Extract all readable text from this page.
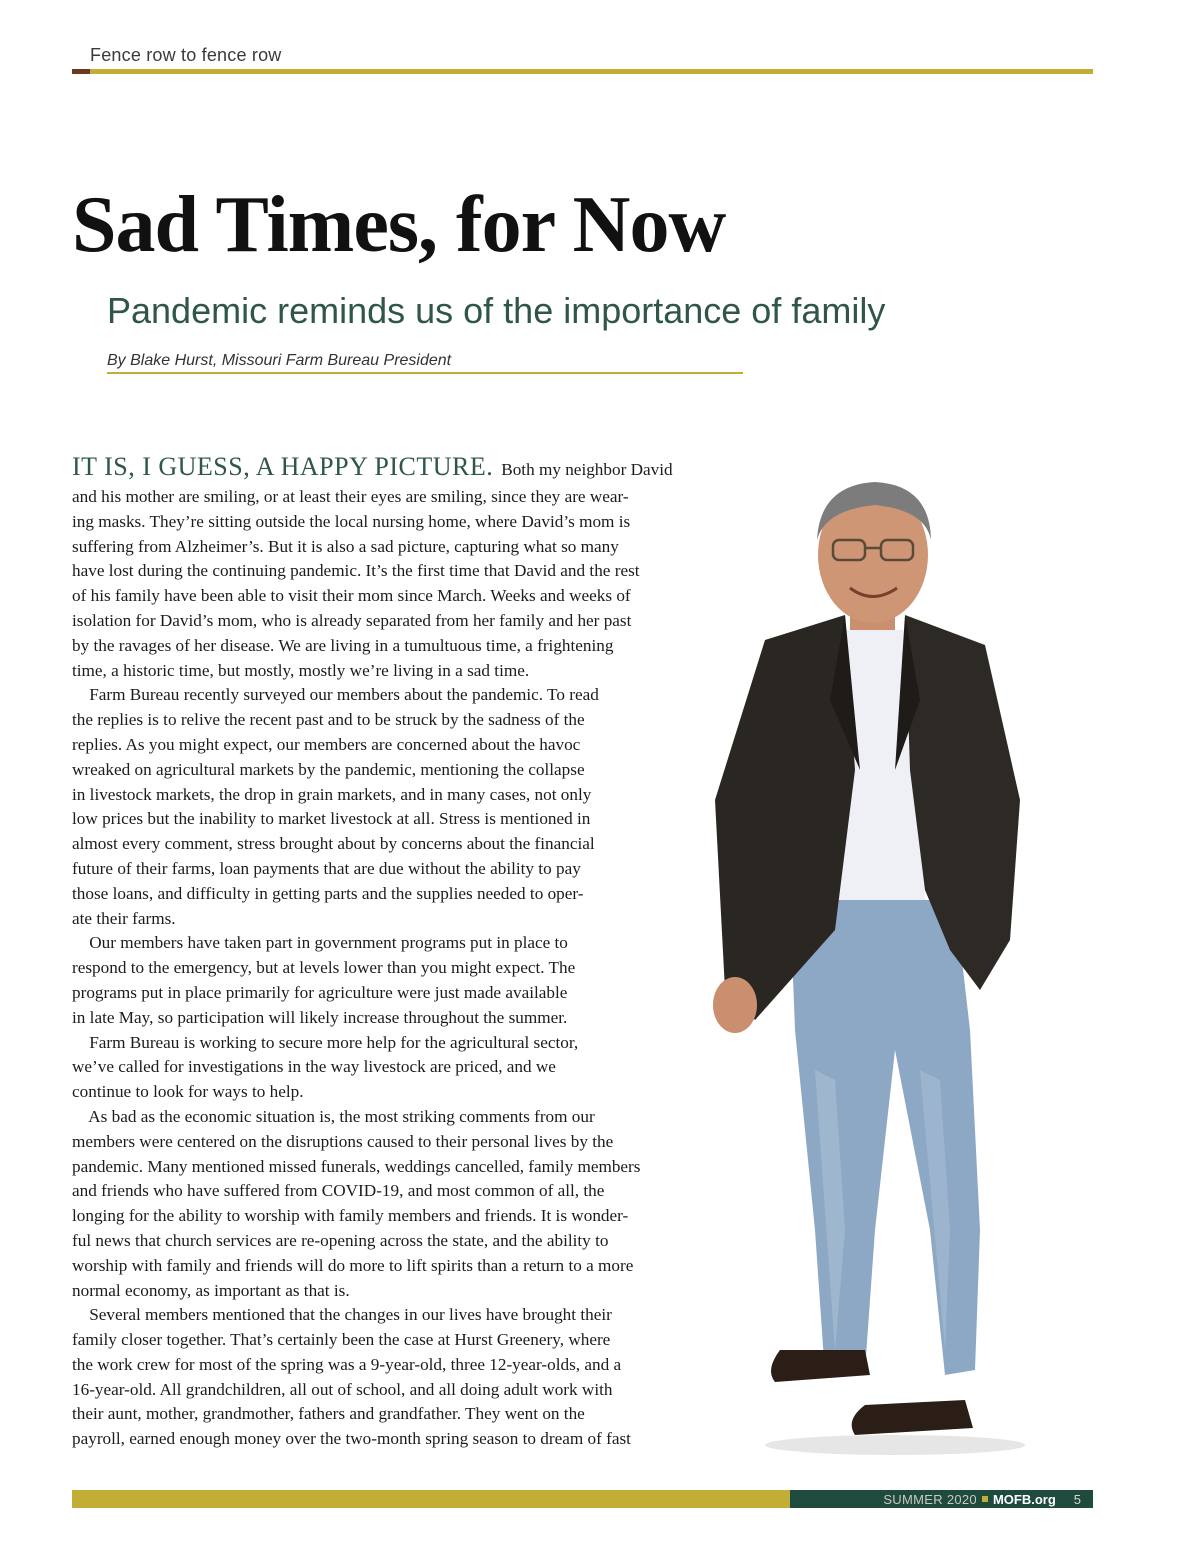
Fence row to fence row
Sad Times, for Now
Pandemic reminds us of the importance of family
By Blake Hurst, Missouri Farm Bureau President
IT IS, I GUESS, A HAPPY PICTURE. Both my neighbor David
and his mother are smiling, or at least their eyes are smiling, since they are wear-
ing masks. They’re sitting outside the local nursing home, where David’s mom is
suffering from Alzheimer’s. But it is also a sad picture, capturing what so many
have lost during the continuing pandemic. It’s the first time that David and the rest
of his family have been able to visit their mom since March. Weeks and weeks of
isolation for David’s mom, who is already separated from her family and her past
by the ravages of her disease. We are living in a tumultuous time, a frightening
time, a historic time, but mostly, mostly we’re living in a sad time.
Farm Bureau recently surveyed our members about the pandemic. To read
the replies is to relive the recent past and to be struck by the sadness of the
replies. As you might expect, our members are concerned about the havoc
wreaked on agricultural markets by the pandemic, mentioning the collapse
in livestock markets, the drop in grain markets, and in many cases, not only
low prices but the inability to market livestock at all. Stress is mentioned in
almost every comment, stress brought about by concerns about the financial
future of their farms, loan payments that are due without the ability to pay
those loans, and difficulty in getting parts and the supplies needed to oper-
ate their farms.
Our members have taken part in government programs put in place to
respond to the emergency, but at levels lower than you might expect. The
programs put in place primarily for agriculture were just made available
in late May, so participation will likely increase throughout the summer.
Farm Bureau is working to secure more help for the agricultural sector,
we’ve called for investigations in the way livestock are priced, and we
continue to look for ways to help.
As bad as the economic situation is, the most striking comments from our
members were centered on the disruptions caused to their personal lives by the
pandemic. Many mentioned missed funerals, weddings cancelled, family members
and friends who have suffered from COVID-19, and most common of all, the
longing for the ability to worship with family members and friends. It is wonder-
ful news that church services are re-opening across the state, and the ability to
worship with family and friends will do more to lift spirits than a return to a more
normal economy, as important as that is.
Several members mentioned that the changes in our lives have brought their
family closer together. That’s certainly been the case at Hurst Greenery, where
the work crew for most of the spring was a 9-year-old, three 12-year-olds, and a
16-year-old. All grandchildren, all out of school, and all doing adult work with
their aunt, mother, grandmother, fathers and grandfather. They went on the
payroll, earned enough money over the two-month spring season to dream of fast
SUMMER 2020 MOFB.org 5
